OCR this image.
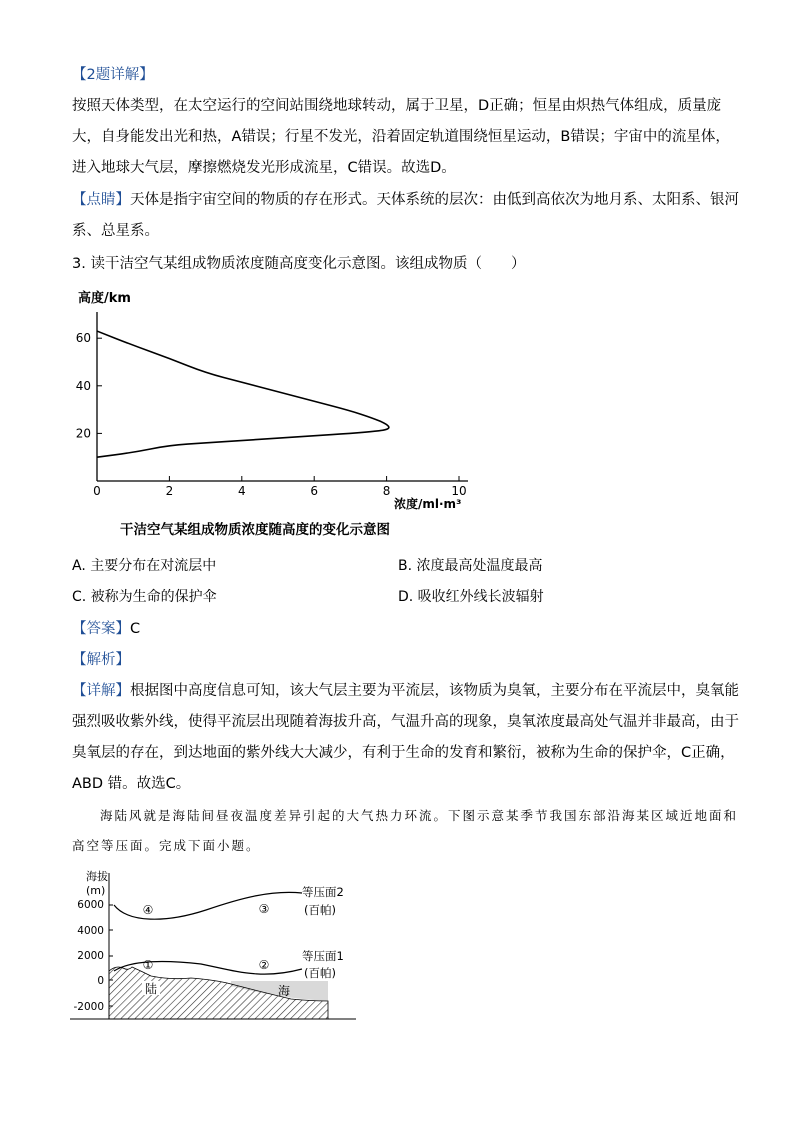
【2题详解】
按照天体类型，在太空运行的空间站围绕地球转动，属于卫星，D正确；恒星由炽热气体组成，质量庞
大，自身能发出光和热，A错误；行星不发光，沿着固定轨道围绕恒星运动，B错误；宇宙中的流星体，
进入地球大气层，摩擦燃烧发光形成流星，C错误。故选D。
【点睛】天体是指宇宙空间的物质的存在形式。天体系统的层次：由低到高依次为地月系、太阳系、银河
系、总星系。
3. 读干洁空气某组成物质浓度随高度变化示意图。该组成物质（　　）
高度/km
0	2	4	6	8	10
20
40
60
浓度/ml·m³
干洁空气某组成物质浓度随高度的变化示意图
A. 主要分布在对流层中	B. 浓度最高处温度最高
C. 被称为生命的保护伞	D. 吸收红外线长波辐射
【答案】C
【解析】
【详解】根据图中高度信息可知，该大气层主要为平流层，该物质为臭氧，主要分布在平流层中，臭氧能
强烈吸收紫外线，使得平流层出现随着海拔升高，气温升高的现象，臭氧浓度最高处气温并非最高，由于
臭氧层的存在，到达地面的紫外线大大减少，有利于生命的发育和繁衍，被称为生命的保护伞，C正确，
ABD 错。故选C。
海陆风就是海陆间昼夜温度差异引起的大气热力环流。下图示意某季节我国东部沿海某区域近地面和
高空等压面。完成下面小题。
海拔
(m)
6000
4000
2000
0
-2000
④	③
①	②
陆	海
等压面2
(百帕)
等压面1
(百帕)
